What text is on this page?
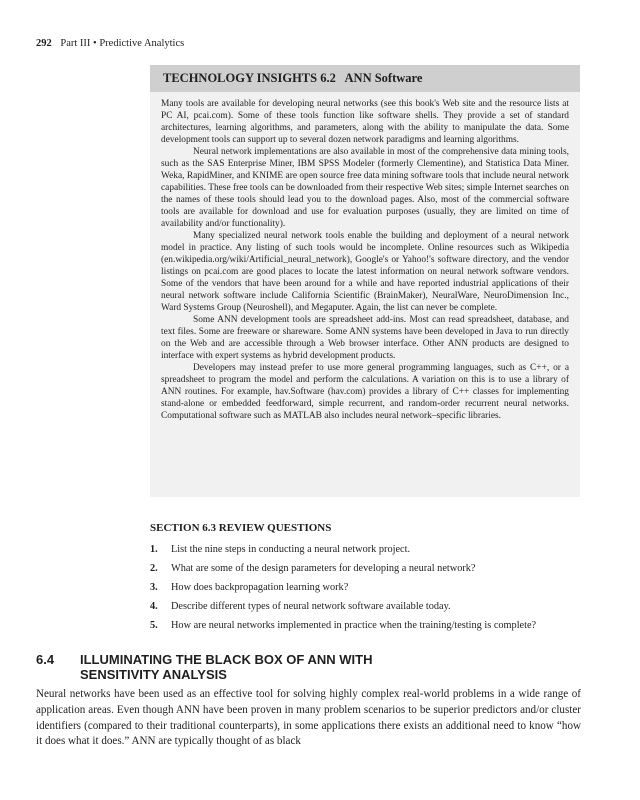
292 Part III • Predictive Analytics
TECHNOLOGY INSIGHTS 6.2   ANN Software

Many tools are available for developing neural networks (see this book's Web site and the resource lists at PC AI, pcai.com). Some of these tools function like software shells. They provide a set of standard architectures, learning algorithms, and parameters, along with the ability to manipulate the data. Some development tools can support up to several dozen network paradigms and learning algorithms.

Neural network implementations are also available in most of the comprehensive data mining tools, such as the SAS Enterprise Miner, IBM SPSS Modeler (formerly Clementine), and Statistica Data Miner. Weka, RapidMiner, and KNIME are open source free data mining software tools that include neural network capabilities. These free tools can be downloaded from their respective Web sites; simple Internet searches on the names of these tools should lead you to the download pages. Also, most of the commercial software tools are available for download and use for evaluation purposes (usually, they are limited on time of availability and/or functionality).

Many specialized neural network tools enable the building and deployment of a neural network model in practice. Any listing of such tools would be incomplete. Online resources such as Wikipedia (en.wikipedia.org/wiki/Artificial_neural_network), Google's or Yahoo!'s software directory, and the vendor listings on pcai.com are good places to locate the latest information on neural network software vendors. Some of the vendors that have been around for a while and have reported industrial applications of their neural network software include California Scientific (BrainMaker), NeuralWare, NeuroDimension Inc., Ward Systems Group (Neuroshell), and Megaputer. Again, the list can never be complete.

Some ANN development tools are spreadsheet add-ins. Most can read spreadsheet, database, and text files. Some are freeware or shareware. Some ANN systems have been developed in Java to run directly on the Web and are accessible through a Web browser interface. Other ANN products are designed to interface with expert systems as hybrid development products.

Developers may instead prefer to use more general programming languages, such as C++, or a spreadsheet to program the model and perform the calculations. A variation on this is to use a library of ANN routines. For example, hav.Software (hav.com) provides a library of C++ classes for implementing stand-alone or embedded feedforward, simple recurrent, and random-order recurrent neural networks. Computational software such as MATLAB also includes neural network–specific libraries.

SECTION 6.3 REVIEW QUESTIONS
1. List the nine steps in conducting a neural network project.
2. What are some of the design parameters for developing a neural network?
3. How does backpropagation learning work?
4. Describe different types of neural network software available today.
5. How are neural networks implemented in practice when the training/testing is complete?
6.4 ILLUMINATING THE BLACK BOX OF ANN WITH SENSITIVITY ANALYSIS

Neural networks have been used as an effective tool for solving highly complex real-world problems in a wide range of application areas. Even though ANN have been proven in many problem scenarios to be superior predictors and/or cluster identifiers (compared to their traditional counterparts), in some applications there exists an additional need to know “how it does what it does.” ANN are typically thought of as black
